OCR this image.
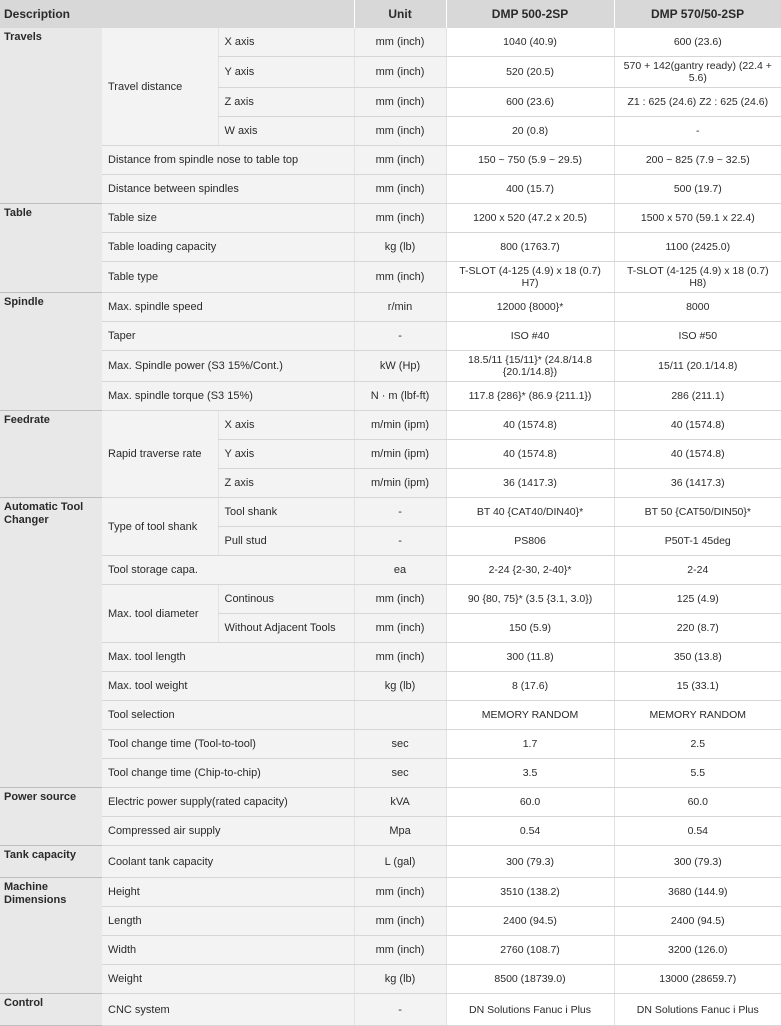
Description			Unit	DMP 500-2SP	DMP 570/50-2SP
Travels	Travel distance	X axis	mm (inch)	1040 (40.9)	600 (23.6)
		Y axis	mm (inch)	520 (20.5)	570 + 142(gantry ready) (22.4 + 5.6)
		Z axis	mm (inch)	600 (23.6)	Z1 : 625 (24.6) Z2 : 625 (24.6)
		W axis	mm (inch)	20 (0.8)	-
	Distance from spindle nose to table top		mm (inch)	150 ~ 750 (5.9 ~ 29.5)	200 ~ 825 (7.9 ~ 32.5)
	Distance between spindles		mm (inch)	400 (15.7)	500 (19.7)
Table	Table size		mm (inch)	1200 x 520 (47.2 x 20.5)	1500 x 570 (59.1 x 22.4)
	Table loading capacity		kg (lb)	800 (1763.7)	1100 (2425.0)
	Table type		mm (inch)	T-SLOT (4-125 (4.9) x 18 (0.7) H7)	T-SLOT (4-125 (4.9) x 18 (0.7) H8)
Spindle	Max. spindle speed		r/min	12000 {8000}*	8000
	Taper		-	ISO #40	ISO #50
	Max. Spindle power (S3 15%/Cont.)		kW (Hp)	18.5/11 {15/11}* (24.8/14.8 {20.1/14.8})	15/11 (20.1/14.8)
	Max. spindle torque (S3 15%)		N · m (lbf-ft)	117.8 {286}* (86.9 {211.1})	286 (211.1)
Feedrate	Rapid traverse rate	X axis	m/min (ipm)	40 (1574.8)	40 (1574.8)
		Y axis	m/min (ipm)	40 (1574.8)	40 (1574.8)
		Z axis	m/min (ipm)	36 (1417.3)	36 (1417.3)
Automatic Tool Changer	Type of tool shank	Tool shank	-	BT 40 {CAT40/DIN40}*	BT 50 {CAT50/DIN50}*
		Pull stud	-	PS806	P50T-1 45deg
	Tool storage capa.		ea	2-24 {2-30, 2-40}*	2-24
	Max. tool diameter	Continous	mm (inch)	90 {80, 75}* (3.5 {3.1, 3.0})	125 (4.9)
		Without Adjacent Tools	mm (inch)	150 (5.9)	220 (8.7)
	Max. tool length		mm (inch)	300 (11.8)	350 (13.8)
	Max. tool weight		kg (lb)	8 (17.6)	15 (33.1)
	Tool selection			MEMORY RANDOM	MEMORY RANDOM
	Tool change time (Tool-to-tool)		sec	1.7	2.5
	Tool change time (Chip-to-chip)		sec	3.5	5.5
Power source	Electric power supply(rated capacity)		kVA	60.0	60.0
	Compressed air supply		Mpa	0.54	0.54
Tank capacity	Coolant tank capacity		L (gal)	300 (79.3)	300 (79.3)
Machine Dimensions	Height		mm (inch)	3510 (138.2)	3680 (144.9)
	Length		mm (inch)	2400 (94.5)	2400 (94.5)
	Width		mm (inch)	2760 (108.7)	3200 (126.0)
	Weight		kg (lb)	8500 (18739.0)	13000 (28659.7)
Control	CNC system		-	DN Solutions Fanuc i Plus	DN Solutions Fanuc i Plus
